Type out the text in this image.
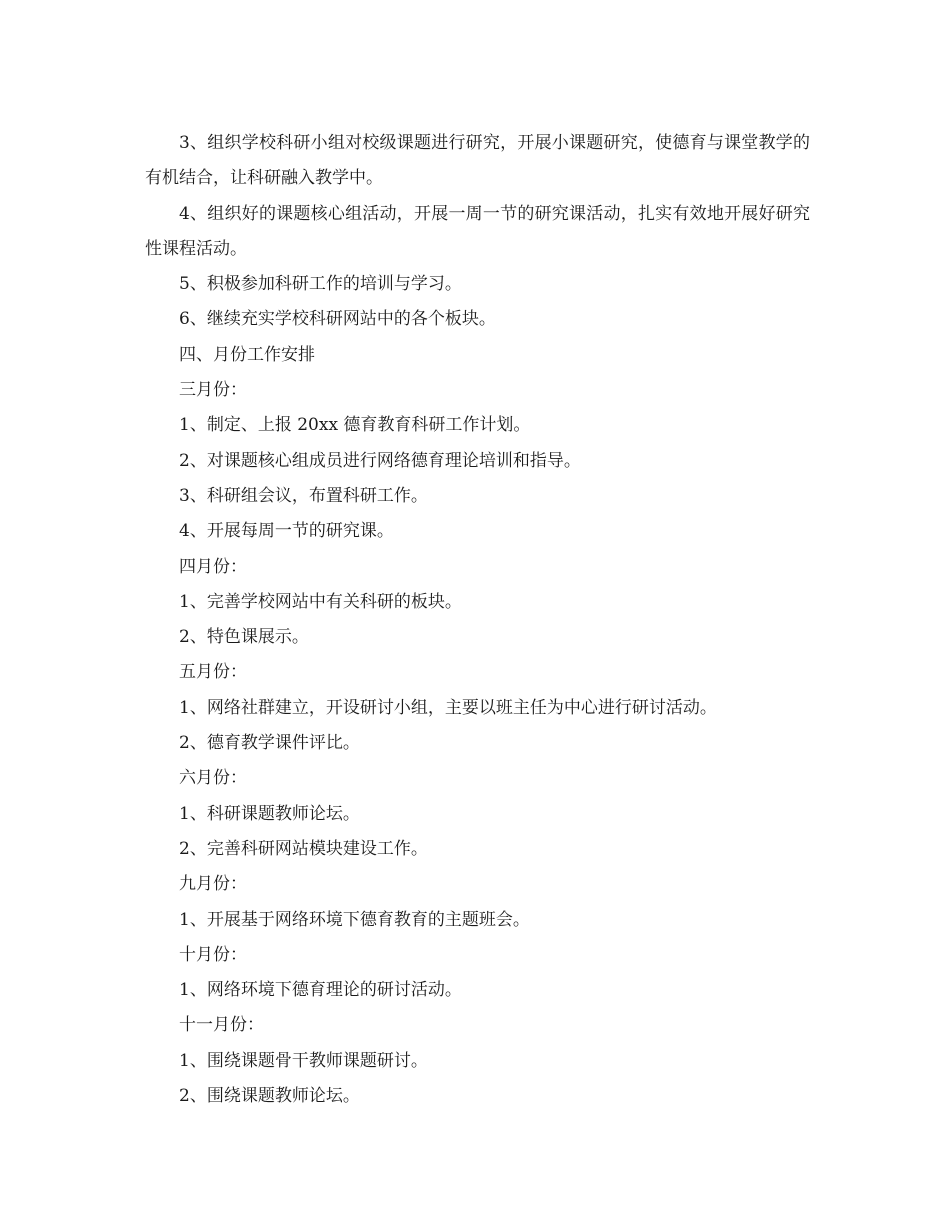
3、组织学校科研小组对校级课题进行研究，开展小课题研究，使德育与课堂教学的有机结合，让科研融入教学中。

4、组织好的课题核心组活动，开展一周一节的研究课活动，扎实有效地开展好研究性课程活动。

5、积极参加科研工作的培训与学习。

6、继续充实学校科研网站中的各个板块。

四、月份工作安排

三月份：

1、制定、上报 20xx 德育教育科研工作计划。

2、对课题核心组成员进行网络德育理论培训和指导。

3、科研组会议，布置科研工作。

4、开展每周一节的研究课。

四月份：

1、完善学校网站中有关科研的板块。

2、特色课展示。

五月份：

1、网络社群建立，开设研讨小组，主要以班主任为中心进行研讨活动。

2、德育教学课件评比。

六月份：

1、科研课题教师论坛。

2、完善科研网站模块建设工作。

九月份：

1、开展基于网络环境下德育教育的主题班会。

十月份：

1、网络环境下德育理论的研讨活动。

十一月份：

1、围绕课题骨干教师课题研讨。

2、围绕课题教师论坛。
